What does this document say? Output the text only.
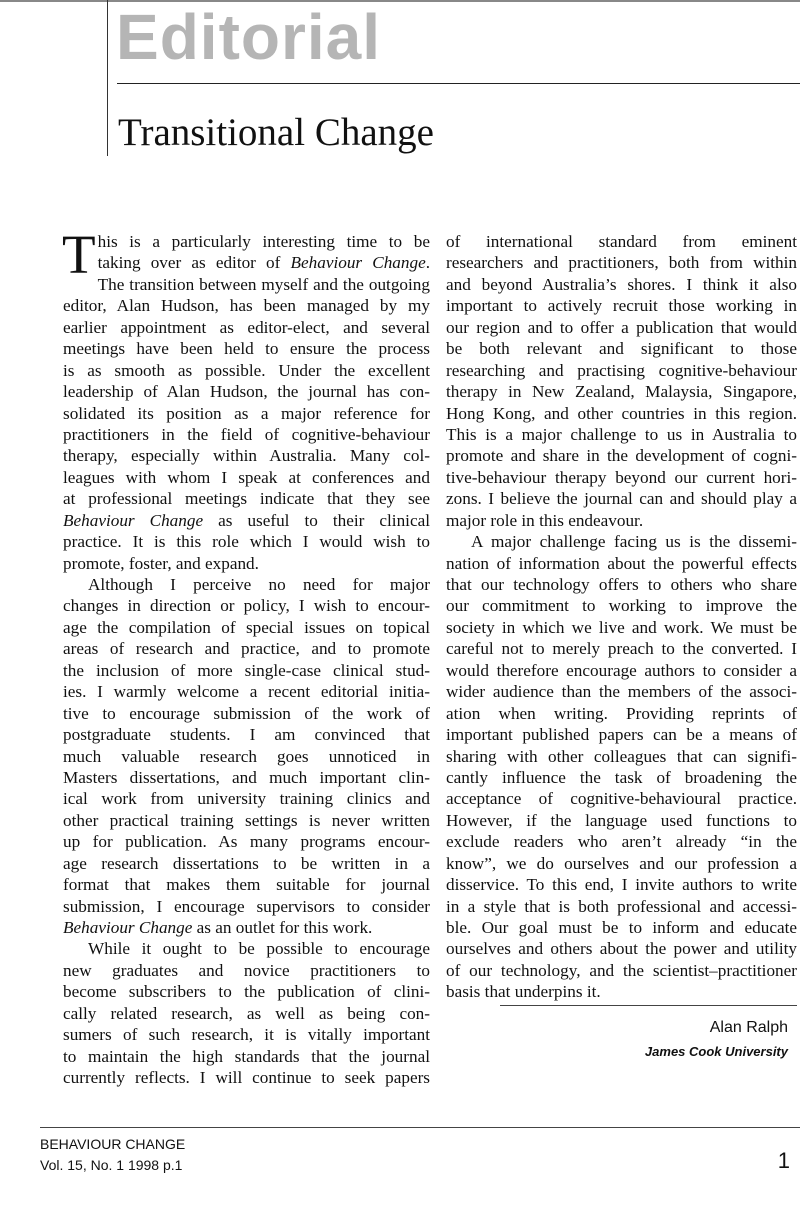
Editorial
Transitional Change
T his is a particularly interesting time to be
taking over as editor of Behaviour Change.
The transition between myself and the outgoing
editor, Alan Hudson, has been managed by my
earlier appointment as editor-elect, and several
meetings have been held to ensure the process
is as smooth as possible. Under the excellent
leadership of Alan Hudson, the journal has con-
solidated its position as a major reference for
practitioners in the field of cognitive-behaviour
therapy, especially within Australia. Many col-
leagues with whom I speak at conferences and
at professional meetings indicate that they see
Behaviour Change as useful to their clinical
practice. It is this role which I would wish to
promote, foster, and expand.
Although I perceive no need for major
changes in direction or policy, I wish to encour-
age the compilation of special issues on topical
areas of research and practice, and to promote
the inclusion of more single-case clinical stud-
ies. I warmly welcome a recent editorial initia-
tive to encourage submission of the work of
postgraduate students. I am convinced that
much valuable research goes unnoticed in
Masters dissertations, and much important clin-
ical work from university training clinics and
other practical training settings is never written
up for publication. As many programs encour-
age research dissertations to be written in a
format that makes them suitable for journal
submission, I encourage supervisors to consider
Behaviour Change as an outlet for this work.
While it ought to be possible to encourage
new graduates and novice practitioners to
become subscribers to the publication of clini-
cally related research, as well as being con-
sumers of such research, it is vitally important
to maintain the high standards that the journal
currently reflects. I will continue to seek papers
of international standard from eminent
researchers and practitioners, both from within
and beyond Australia’s shores. I think it also
important to actively recruit those working in
our region and to offer a publication that would
be both relevant and significant to those
researching and practising cognitive-behaviour
therapy in New Zealand, Malaysia, Singapore,
Hong Kong, and other countries in this region.
This is a major challenge to us in Australia to
promote and share in the development of cogni-
tive-behaviour therapy beyond our current hori-
zons. I believe the journal can and should play a
major role in this endeavour.
A major challenge facing us is the dissemi-
nation of information about the powerful effects
that our technology offers to others who share
our commitment to working to improve the
society in which we live and work. We must be
careful not to merely preach to the converted. I
would therefore encourage authors to consider a
wider audience than the members of the associ-
ation when writing. Providing reprints of
important published papers can be a means of
sharing with other colleagues that can signifi-
cantly influence the task of broadening the
acceptance of cognitive-behavioural practice.
However, if the language used functions to
exclude readers who aren’t already “in the
know”, we do ourselves and our profession a
disservice. To this end, I invite authors to write
in a style that is both professional and accessi-
ble. Our goal must be to inform and educate
ourselves and others about the power and utility
of our technology, and the scientist–practitioner
basis that underpins it.
Alan Ralph
James Cook University
BEHAVIOUR CHANGE
Vol. 15, No. 1 1998 p.1	1
